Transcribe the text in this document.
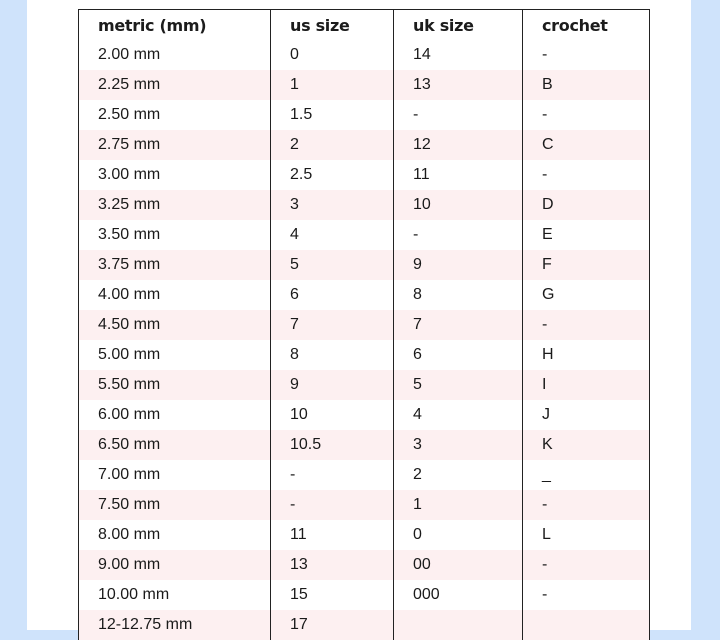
metric (mm)	us size	uk size	crochet
2.00 mm	0	14	-
2.25 mm	1	13	B
2.50 mm	1.5	-	-
2.75 mm	2	12	C
3.00 mm	2.5	11	-
3.25 mm	3	10	D
3.50 mm	4	-	E
3.75 mm	5	9	F
4.00 mm	6	8	G
4.50 mm	7	7	-
5.00 mm	8	6	H
5.50 mm	9	5	I
6.00 mm	10	4	J
6.50 mm	10.5	3	K
7.00 mm	-	2	_
7.50 mm	-	1	-
8.00 mm	11	0	L
9.00 mm	13	00	-
10.00 mm	15	000	-
12-12.75 mm	17		
